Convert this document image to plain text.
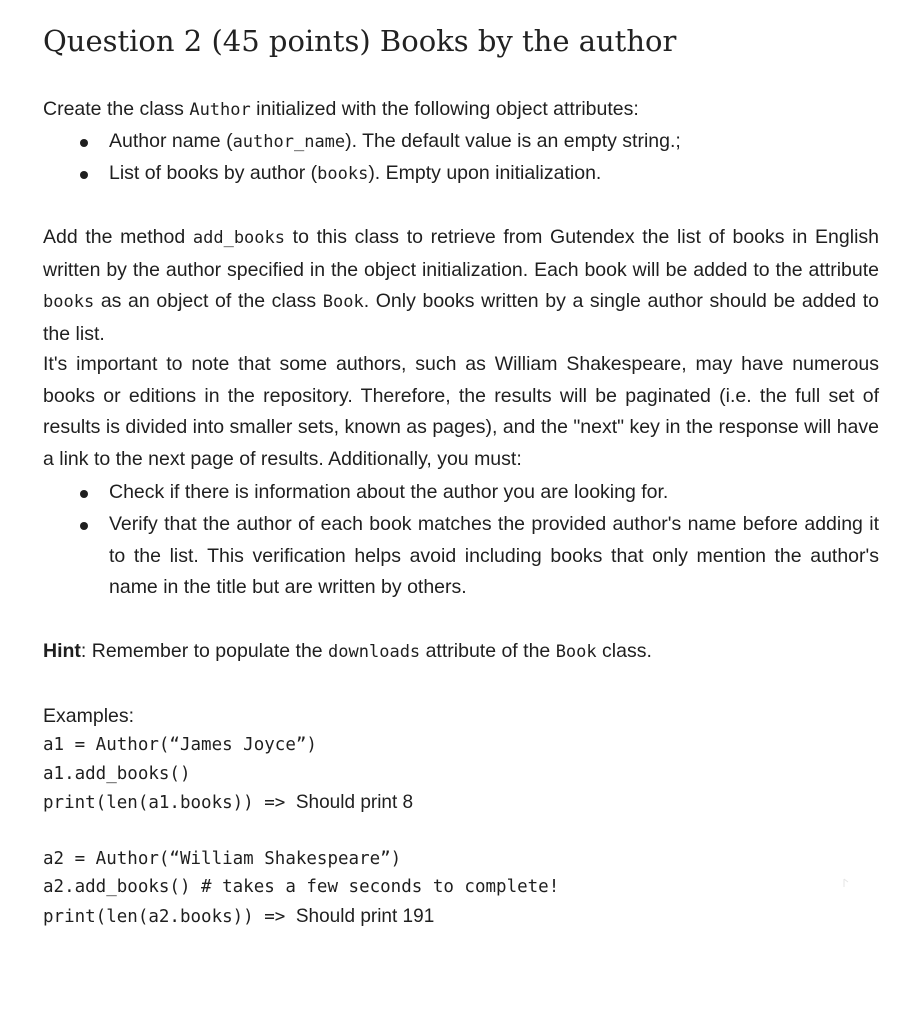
Question 2 (45 points) Books by the author

Create the class Author initialized with the following object attributes:

Author name (author_name). The default value is an empty string.;

List of books by author (books). Empty upon initialization.

Add the method add_books to this class to retrieve from Gutendex the list of books in English written by the author specified in the object initialization. Each book will be added to the attribute books as an object of the class Book. Only books written by a single author should be added to the list.

It's important to note that some authors, such as William Shakespeare, may have numerous books or editions in the repository. Therefore, the results will be paginated (i.e. the full set of results is divided into smaller sets, known as pages), and the "next" key in the response will have a link to the next page of results. Additionally, you must:

Check if there is information about the author you are looking for.

Verify that the author of each book matches the provided author's name before adding it to the list. This verification helps avoid including books that only mention the author's name in the title but are written by others.

Hint: Remember to populate the downloads attribute of the Book class.

Examples:

a1 = Author(“James Joyce”)

a1.add_books()

print(len(a1.books)) => Should print 8

a2 = Author(“William Shakespeare”)

a2.add_books() # takes a few seconds to complete!

print(len(a2.books)) => Should print 191
